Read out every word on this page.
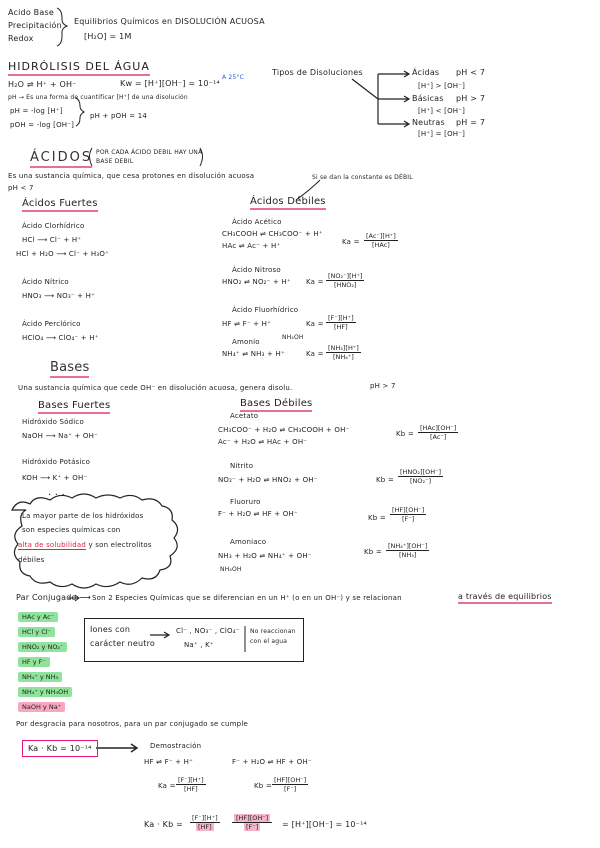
Acido Base
Precipitación
Redox
Equilibrios Químicos en DISOLUCIÓN ACUOSA
[H₂O] = 1M
HIDRÓLISIS DEL ÁGUA
H₂O ⇌ H⁺ + OH⁻	Kw = [H⁺][OH⁻] = 10⁻¹⁴
A 25°C
pH → Es una forma de cuantificar [H⁺] de una disolución
pH = -log [H⁺]
pOH = -log [OH⁻]
pH + pOH = 14
Tipos de Disoluciones	Ácidas pH < 7
[H⁺] > [OH⁻]
Básicas pH > 7
[H⁺] < [OH⁻]
Neutras pH = 7
[H⁺] = [OH⁻]
ÁCIDOS POR CADA ÁCIDO DEBIL HAY UNA BASE DEBIL
Es una sustancia química, que cesa protones en disolución acuosa
pH < 7
Si se dan la constante es DÉBIL
Ácidos Fuertes	Ácidos Débiles
Ácido Clorhídrico
HCl ⟶ Cl⁻ + H⁺
HCl + H₂O ⟶ Cl⁻ + H₃O⁺
Ácido Nítrico
HNO₃ ⟶ NO₃⁻ + H⁺
Ácido Perclórico
HClO₄ ⟶ ClO₄⁻ + H⁺
Ácido Acético
CH₃COOH ⇌ CH₃COO⁻ + H⁺
HAc ⇌ Ac⁻ + H⁺	Ka =
[Ac⁻][H⁺]
[HAc]
Ácido Nitroso
HNO₂ ⇌ NO₂⁻ + H⁺ Ka =
[NO₂⁻][H⁺]
[HNO₂]
Ácido Fluorhídrico
HF ⇌ F⁻ + H⁺	$Ka = \frac{[F^-][H^+]}{[HF]}$
Amonio
NH₄OH
NH₄⁺ ⇌ NH₃ + H⁺	$Ka = \frac{\text{[NH₃][H⁺]}}{\text{[NH₄⁺]}}$
Bases
Una sustancia química que cede OH⁻ en disolución acuosa, genera disolu.	pH > 7
Bases Fuertes	Bases Débiles
Hidróxido Sódico
NaOH ⟶ Na⁺ + OH⁻
Hidróxido Potásico
KOH ⟶ K⁺ + OH⁻
· · ·
La mayor parte de los hidróxidos
son especies químicas con
alta de solubilidad y son electrolitos
débiles
Acetato
CH₃COO⁻ + H₂O ⇌ CH₃COOH + OH⁻
Ac⁻ + H₂O ⇌ HAc + OH⁻
Kb =
[HAc][OH⁻]
[Ac⁻]
Nitrito
NO₂⁻ + H₂O ⇌ HNO₂ + OH⁻	Kb =
[HNO₂][OH⁻]
[NO₂⁻]
Fluoruro
F⁻ + H₂O ⇌ HF + OH⁻	$Kb = \frac{[HF][OH^-]}{[F^-]}$
Amoniaco
NH₃ + H₂O ⇌ NH₄⁺ + OH⁻
NH₄OH
$Kb = \frac{\text{[NH₄⁺][OH⁻]}}{\text{[NH₃]}}$
Par Conjugado ⟶ Son 2 Especies Químicas que se diferencian en un H⁺ (o en un OH⁻) y se relacionan	a través de equilibrios
HAc y Ac⁻
HCl y Cl⁻
HNO₂ y NO₂⁻
HF y F⁻
NH₄⁺ y NH₃
NH₄⁺ y NH₄OH
NaOH y Na⁺
Iones con
carácter neutro
Cl⁻ , NO₃⁻ , ClO₄⁻
Na⁺ , K⁺
No reaccionan
con el agua
Por desgracia para nosotros, para un par conjugado se cumple
Ka · Kb = 10⁻¹⁴	Demostración
HF ⇌ F⁻ + H⁺	F⁻ + H₂O ⇌ HF + OH⁻
$Ka = \frac{[F^-][H^+]}{[HF]}$	$Kb = \frac{[HF][OH^-]}{[F^-]}$
$Ka \cdot Kb = \frac{[F^-][H^+]}{[HF]} \frac{[HF][OH^-]}{[F^-]} = [H^+][OH^-] = 10^{-14}$
